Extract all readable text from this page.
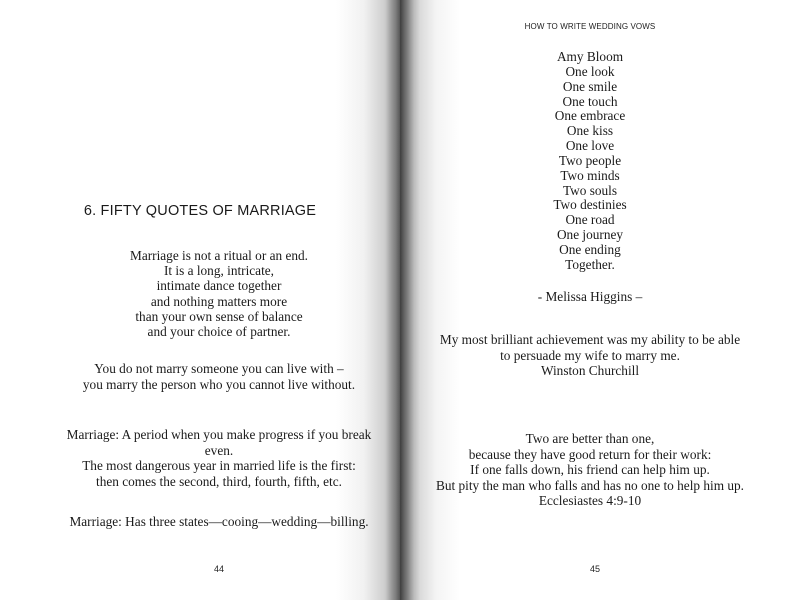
6. FIFTY QUOTES OF MARRIAGE
Marriage is not a ritual or an end.
It is a long, intricate,
intimate dance together
and nothing matters more
than your own sense of balance
and your choice of partner.
You do not marry someone you can live with –
you marry the person who you cannot live without.
Marriage: A period when you make progress if you break
even.
The most dangerous year in married life is the first:
then comes the second, third, fourth, fifth, etc.
Marriage: Has three states—cooing—wedding—billing.
44
Amy Bloom
One look
One smile
One touch
One embrace
One kiss
One love
Two people
Two minds
Two souls
Two destinies
One road
One journey
One ending
Together.
- Melissa Higgins –
My most brilliant achievement was my ability to be able
to persuade my wife to marry me.
Winston Churchill
Two are better than one,
because they have good return for their work:
If one falls down, his friend can help him up.
But pity the man who falls and has no one to help him up.
Ecclesiastes 4:9-10
45
HOW TO WRITE WEDDING VOWS
